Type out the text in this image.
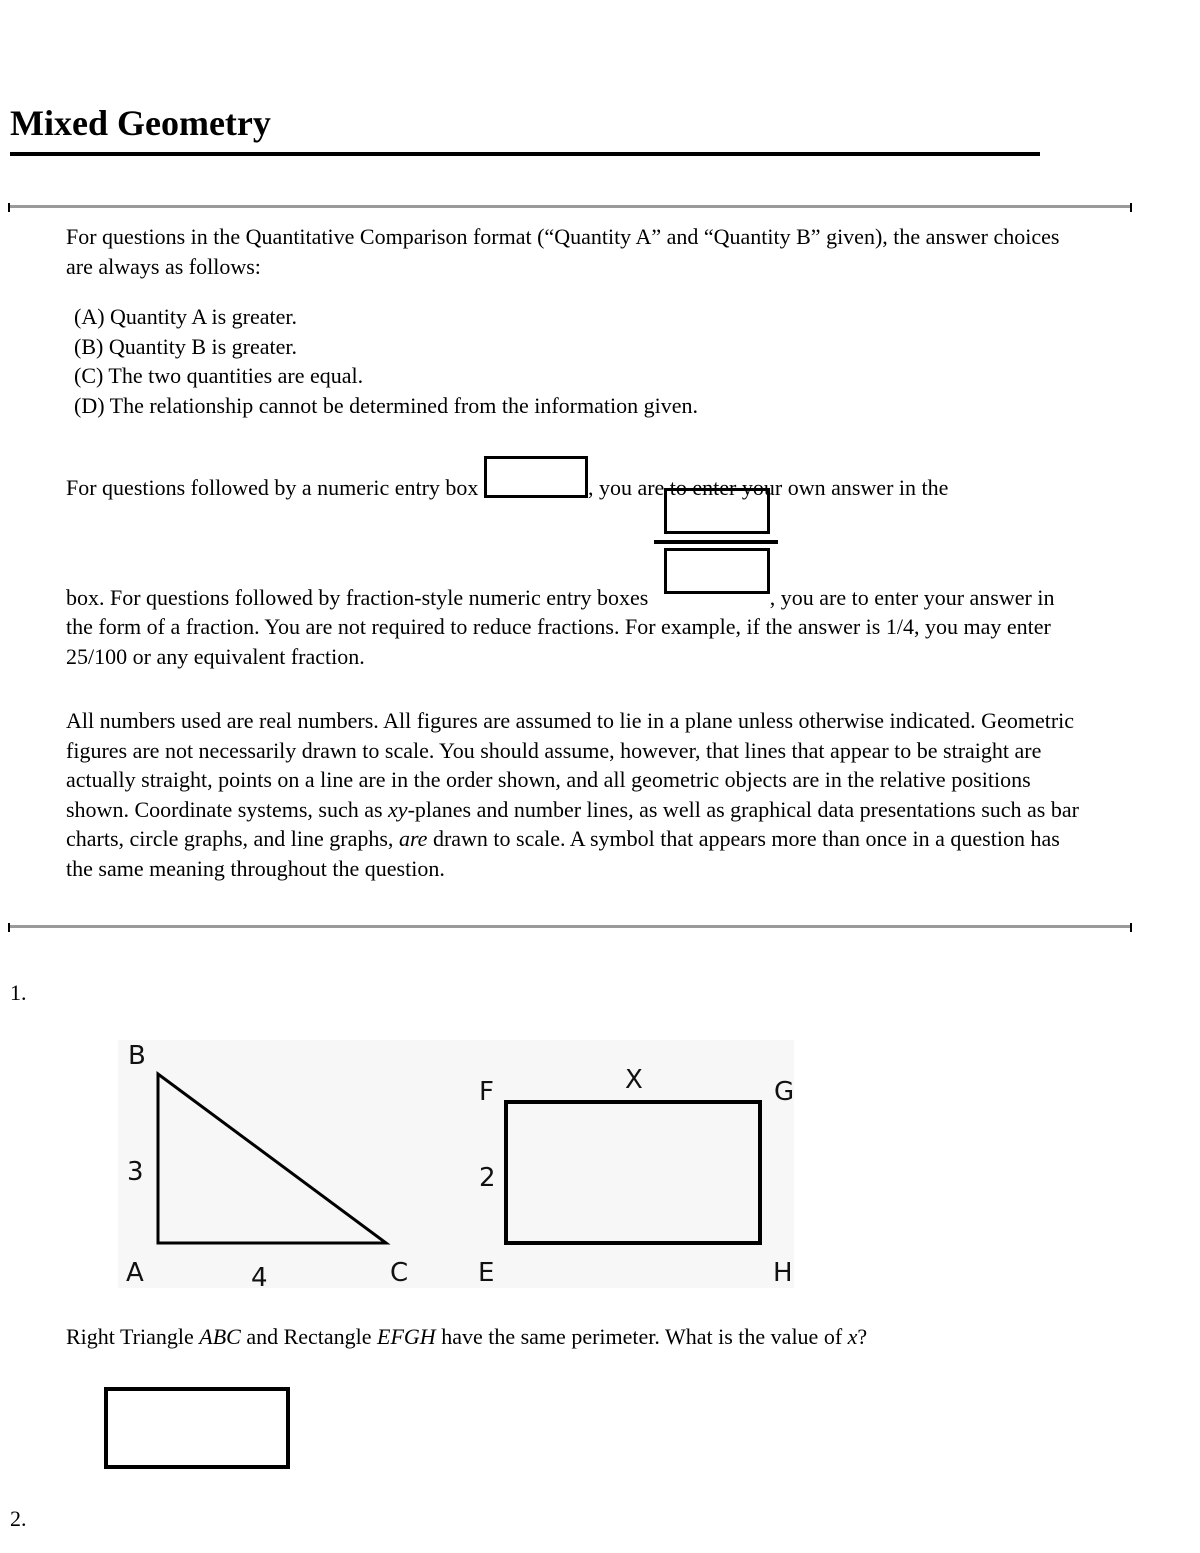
Mixed Geometry

For questions in the Quantitative Comparison format (“Quantity A” and “Quantity B” given), the answer choices are always as follows:

(A) Quantity A is greater.
(B) Quantity B is greater.
(C) The two quantities are equal.
(D) The relationship cannot be determined from the information given.

For questions followed by a numeric entry box	, you are to enter your own answer in the

box. For questions followed by fraction-style numeric entry boxes	, you are to enter your answer in the form of a fraction. You are not required to reduce fractions. For example, if the answer is 1/4, you may enter 25/100 or any equivalent fraction.

All numbers used are real numbers. All figures are assumed to lie in a plane unless otherwise indicated. Geometric figures are not necessarily drawn to scale. You should assume, however, that lines that appear to be straight are actually straight, points on a line are in the order shown, and all geometric objects are in the relative positions shown. Coordinate systems, such as xy-planes and number lines, as well as graphical data presentations such as bar charts, circle graphs, and line graphs, are drawn to scale. A symbol that appears more than once in a question has the same meaning throughout the question.

1.
B
3
A	4	C
F	X	G
2
E	H
Right Triangle ABC and Rectangle EFGH have the same perimeter. What is the value of x?
2.
